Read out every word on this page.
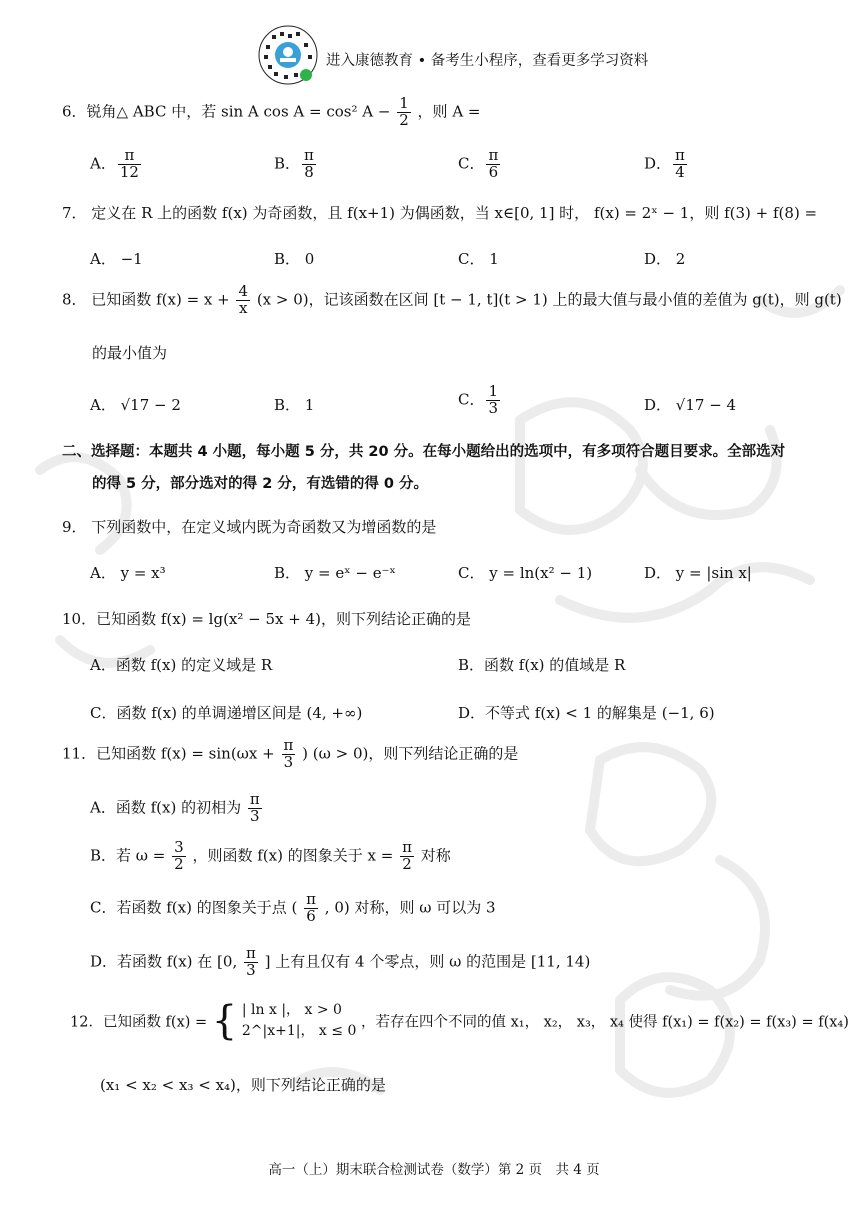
进入康德教育 • 备考生小程序，查看更多学习资料
6．锐角△ ABC 中，若 sin A cos A = cos² $A - \frac{1}{2}$ ，则 A =
A． $\frac{\pi}{12}$	B． $\frac{\pi}{8}$	C． $\frac{\pi}{6}$	D． $\frac{\pi}{4}$
7． 定义在 R 上的函数 f(x) 为奇函数，且 f(x+1) 为偶函数，当 x∈[0, 1] 时， f(x) = 2ˣ − 1，则 f(3) + f(8) =
A． −1	B． 0	C． 1	D． 2
8． 已知函数 $f(x) = x + \frac{4}{x} (x > 0)$，记该函数在区间 [t − 1, t](t > 1) 上的最大值与最小值的差值为 g(t)，则 g(t)
的最小值为
A． √17 − 2	B． 1	C． $\frac{1}{3}$	D． √17 − 4
二、选择题：本题共 4 小题，每小题 5 分，共 20 分。在每小题给出的选项中，有多项符合题目要求。全部选对
的得 5 分，部分选对的得 2 分，有选错的得 0 分。
9． 下列函数中，在定义域内既为奇函数又为增函数的是
A． y = x³	B． y = eˣ − e⁻ˣ	C． y = ln(x² − 1)	D． y = |sin x|
10．已知函数 f(x) = lg(x² − 5x + 4)，则下列结论正确的是
A．函数 f(x) 的定义域是 R	B．函数 f(x) 的值域是 R
C．函数 f(x) 的单调递增区间是 (4, +∞)	D．不等式 f(x) < 1 的解集是 (−1, 6)
11．已知函数 $f(x) = \sin(\omega x + \frac{\pi}{3}$ ) (ω > 0)，则下列结论正确的是
A．函数 f(x) 的初相为 $\frac{\pi}{3}$
B．若 $\omega = \frac{3}{2}$ ，则函数 f(x) 的图象关于 $x = \frac{\pi}{2}$ 对称
C．若函数 f(x) 的图象关于点 ( $\frac{\pi}{6}$ , 0) 对称，则 ω 可以为 3
D．若函数 f(x) 在 [0, $\frac{\pi}{3}$ ] 上有且仅有 4 个零点，则 ω 的范围是 [11, 14)
12．已知函数 f(x) = { | ln x |， x > 0
2^|x+1|， x ≤ 0
，若存在四个不同的值 x₁， x₂， x₃， x₄ 使得 f(x₁) = f(x₂) = f(x₃) = f(x₄)
(x₁ < x₂ < x₃ < x₄)，则下列结论正确的是
高一（上）期末联合检测试卷（数学）第 2 页　共 4 页
